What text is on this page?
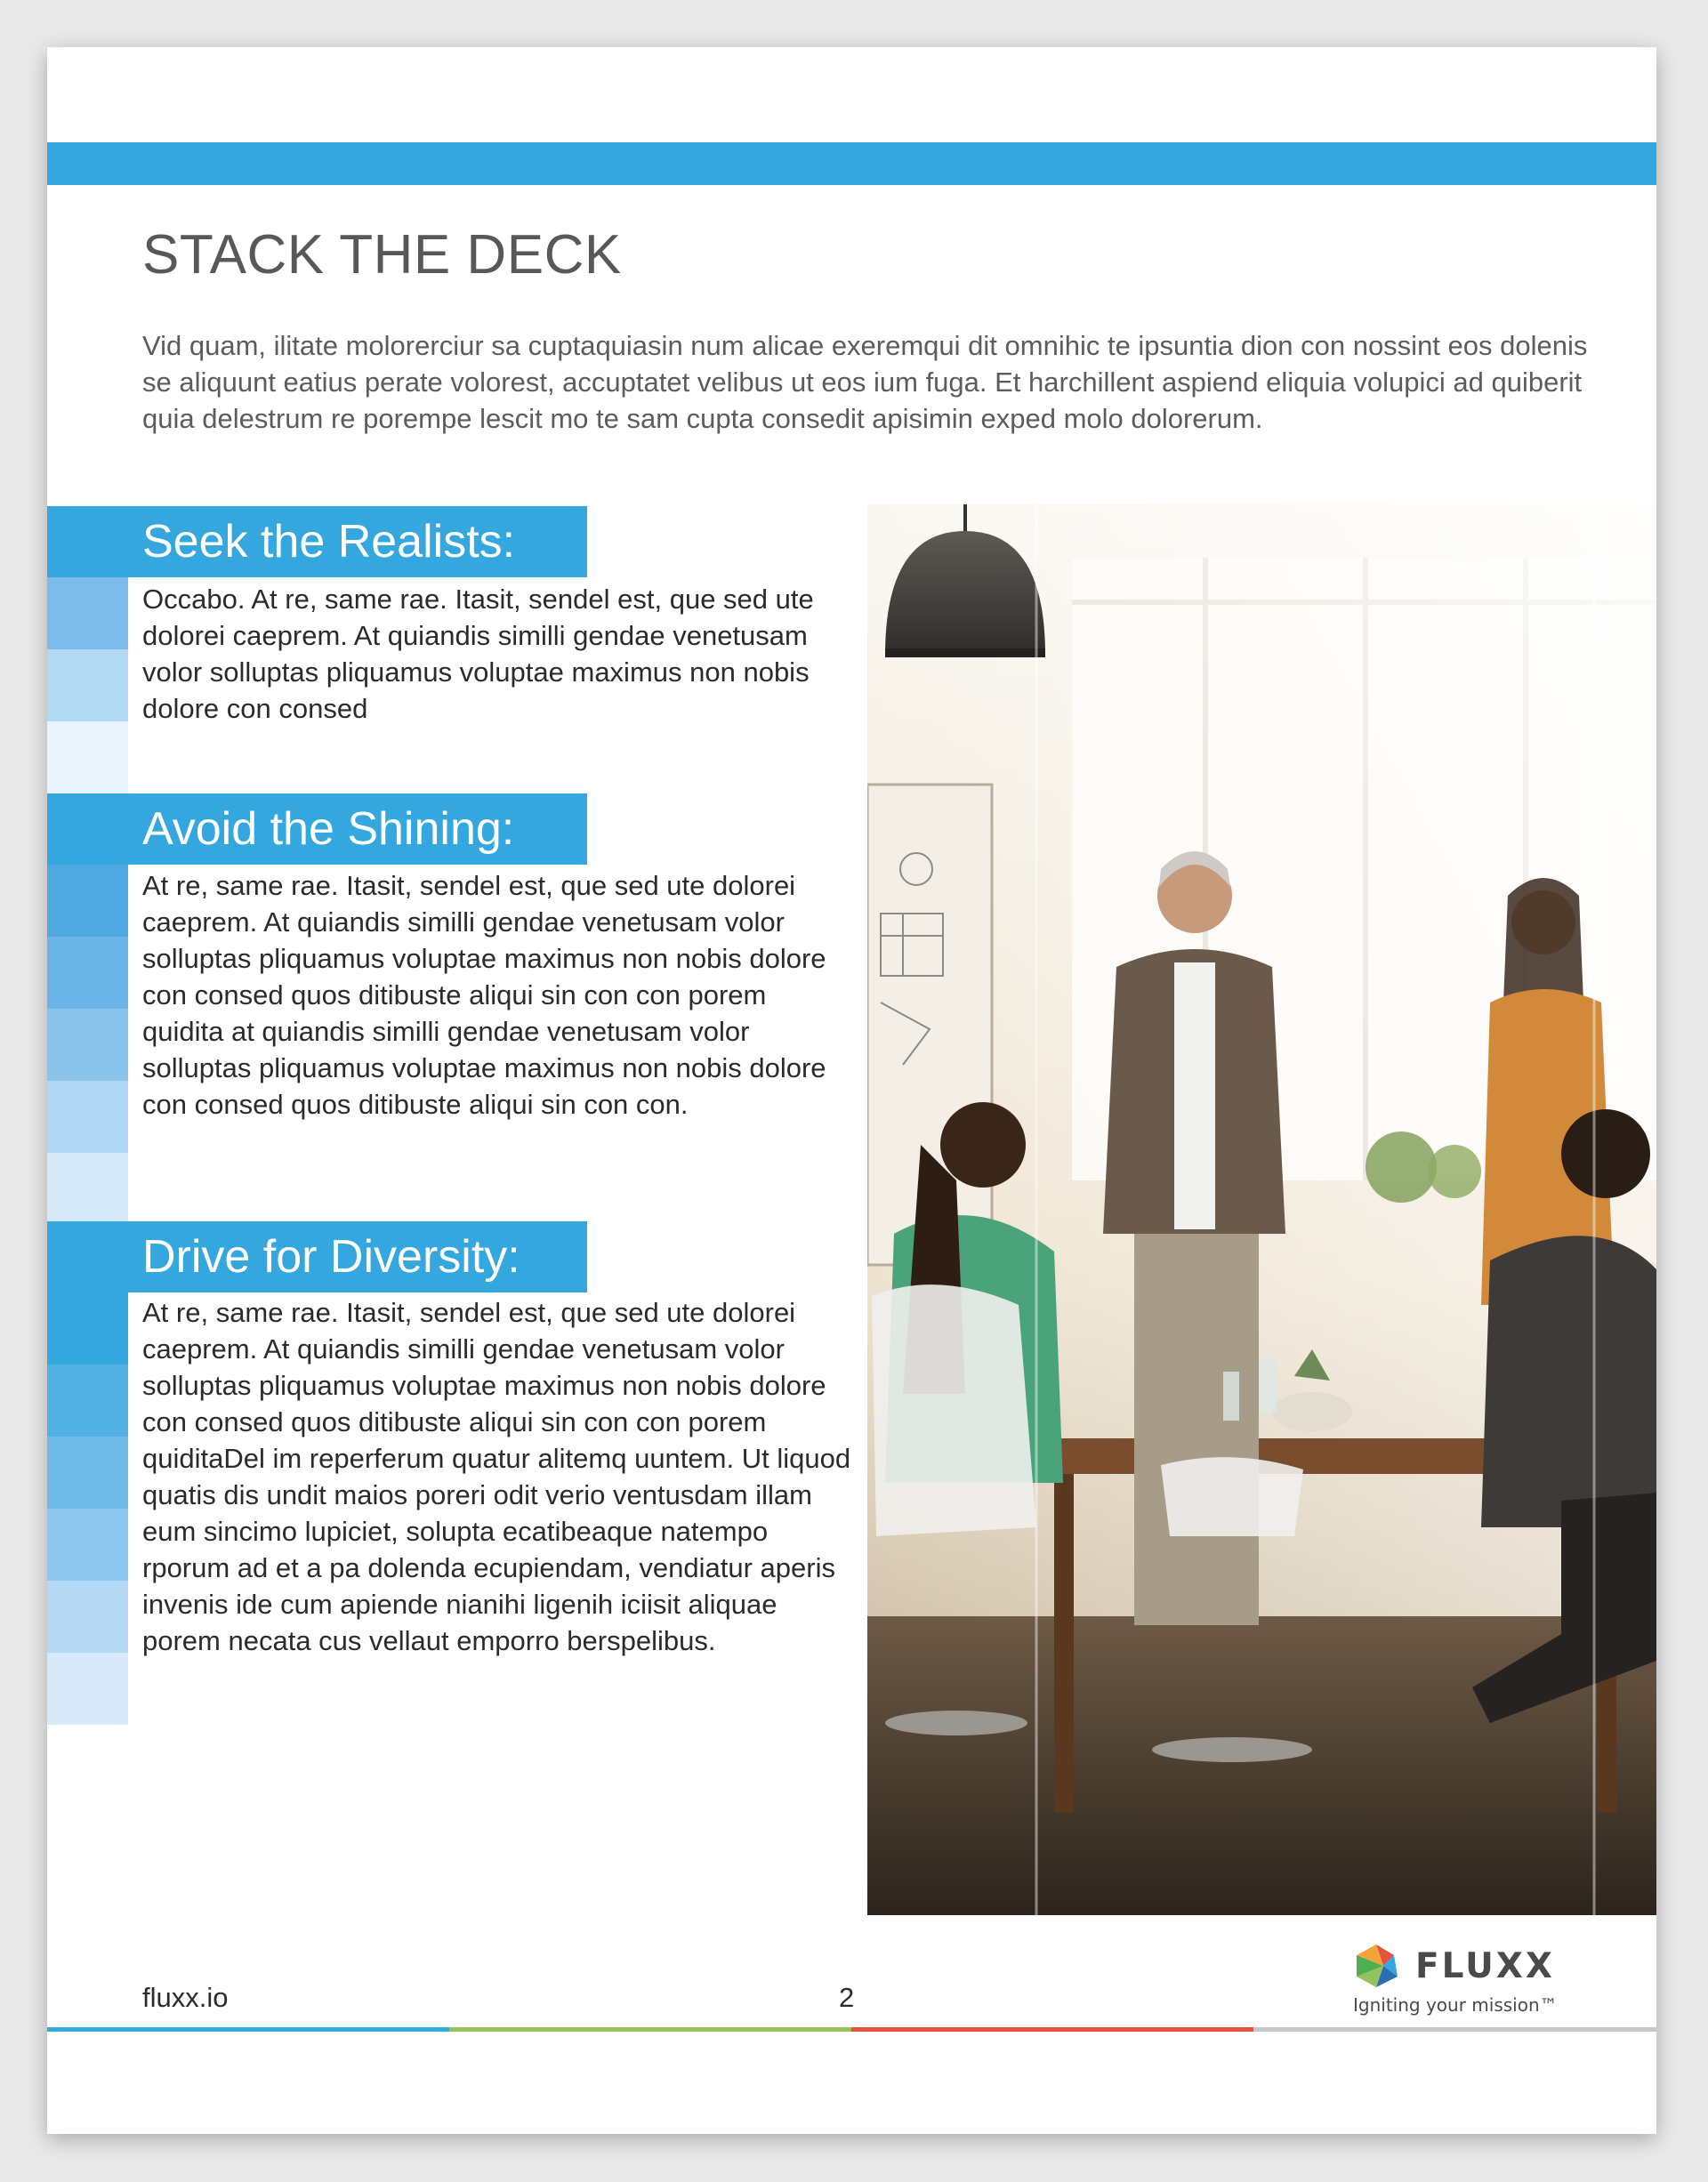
STACK THE DECK

Vid quam, ilitate molorerciur sa cuptaquiasin num alicae exeremqui dit omnihic te ipsuntia dion con nossint eos dolenis se aliquunt eatius perate volorest, accuptatet velibus ut eos ium fuga. Et harchillent aspiend eliquia volupici ad quiberit quia delestrum re porempe lescit mo te sam cupta consedit apisimin exped molo dolorerum.

Seek the Realists:

Occabo. At re, same rae. Itasit, sendel est, que sed ute dolorei caeprem. At quiandis similli gendae venetusam volor solluptas pliquamus voluptae maximus non nobis dolore con consed

Avoid the Shining:

At re, same rae. Itasit, sendel est, que sed ute dolorei caeprem. At quiandis similli gendae venetusam volor solluptas pliquamus voluptae maximus non nobis dolore con consed quos ditibuste aliqui sin con con porem quidita at quiandis similli gendae venetusam volor solluptas pliquamus voluptae maximus non nobis dolore con consed quos ditibuste aliqui sin con con.

Drive for Diversity:

At re, same rae. Itasit, sendel est, que sed ute dolorei caeprem. At quiandis similli gendae venetusam volor solluptas pliquamus voluptae maximus non nobis dolore con consed quos ditibuste aliqui sin con con porem quiditaDel im reperferum quatur alitemq uuntem. Ut liquod quatis dis undit maios poreri odit verio ventusdam illam eum sincimo lupiciet, solupta ecatibeaque natempo rporum ad et a pa dolenda ecupiendam, vendiatur aperis invenis ide cum apiende nianihi ligenih iciisit aliquae porem necata cus vellaut emporro berspelibus.

fluxx.io	2
FLUXX
Igniting your mission™
